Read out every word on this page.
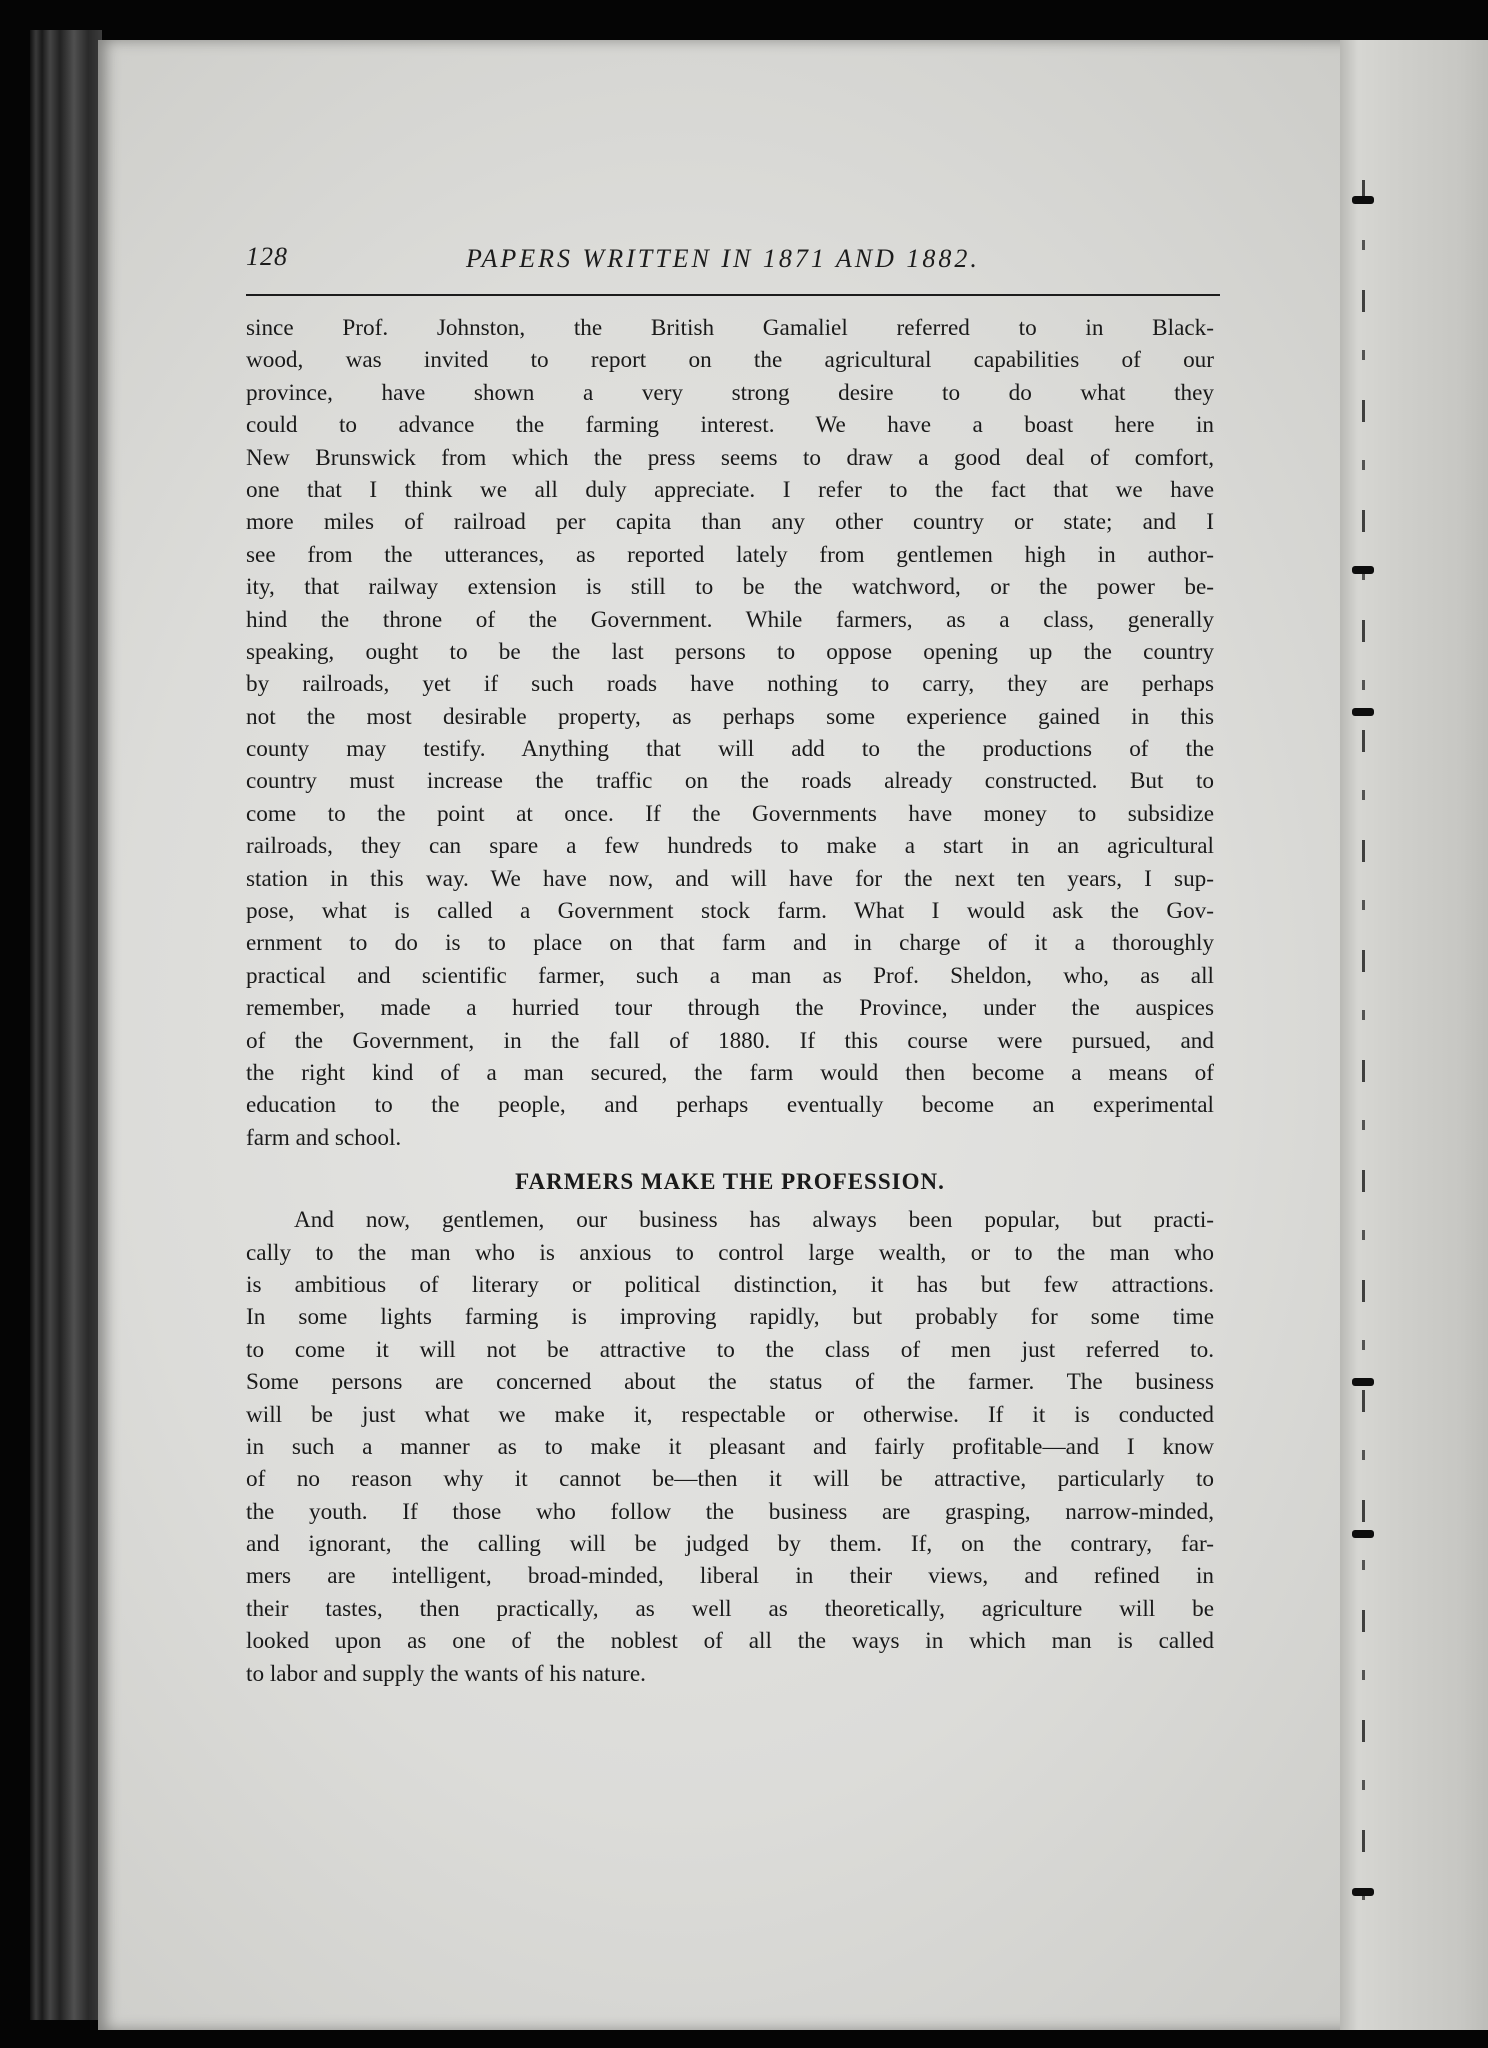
128	PAPERS WRITTEN IN 1871 AND 1882.
since Prof. Johnston, the British Gamaliel referred to in Black-
wood, was invited to report on the agricultural capabilities of our
province, have shown a very strong desire to do what they
could to advance the farming interest. We have a boast here in
New Brunswick from which the press seems to draw a good deal of comfort,
one that I think we all duly appreciate. I refer to the fact that we have
more miles of railroad per capita than any other country or state; and I
see from the utterances, as reported lately from gentlemen high in author-
ity, that railway extension is still to be the watchword, or the power be-
hind the throne of the Government. While farmers, as a class, generally
speaking, ought to be the last persons to oppose opening up the country
by railroads, yet if such roads have nothing to carry, they are perhaps
not the most desirable property, as perhaps some experience gained in this
county may testify. Anything that will add to the productions of the
country must increase the traffic on the roads already constructed. But to
come to the point at once. If the Governments have money to subsidize
railroads, they can spare a few hundreds to make a start in an agricultural
station in this way. We have now, and will have for the next ten years, I sup-
pose, what is called a Government stock farm. What I would ask the Gov-
ernment to do is to place on that farm and in charge of it a thoroughly
practical and scientific farmer, such a man as Prof. Sheldon, who, as all
remember, made a hurried tour through the Province, under the auspices
of the Government, in the fall of 1880. If this course were pursued, and
the right kind of a man secured, the farm would then become a means of
education to the people, and perhaps eventually become an experimental
farm and school.
FARMERS MAKE THE PROFESSION.
And now, gentlemen, our business has always been popular, but practi-
cally to the man who is anxious to control large wealth, or to the man who
is ambitious of literary or political distinction, it has but few attractions.
In some lights farming is improving rapidly, but probably for some time
to come it will not be attractive to the class of men just referred to.
Some persons are concerned about the status of the farmer. The business
will be just what we make it, respectable or otherwise. If it is conducted
in such a manner as to make it pleasant and fairly profitable—and I know
of no reason why it cannot be—then it will be attractive, particularly to
the youth. If those who follow the business are grasping, narrow-minded,
and ignorant, the calling will be judged by them. If, on the contrary, far-
mers are intelligent, broad-minded, liberal in their views, and refined in
their tastes, then practically, as well as theoretically, agriculture will be
looked upon as one of the noblest of all the ways in which man is called
to labor and supply the wants of his nature.
